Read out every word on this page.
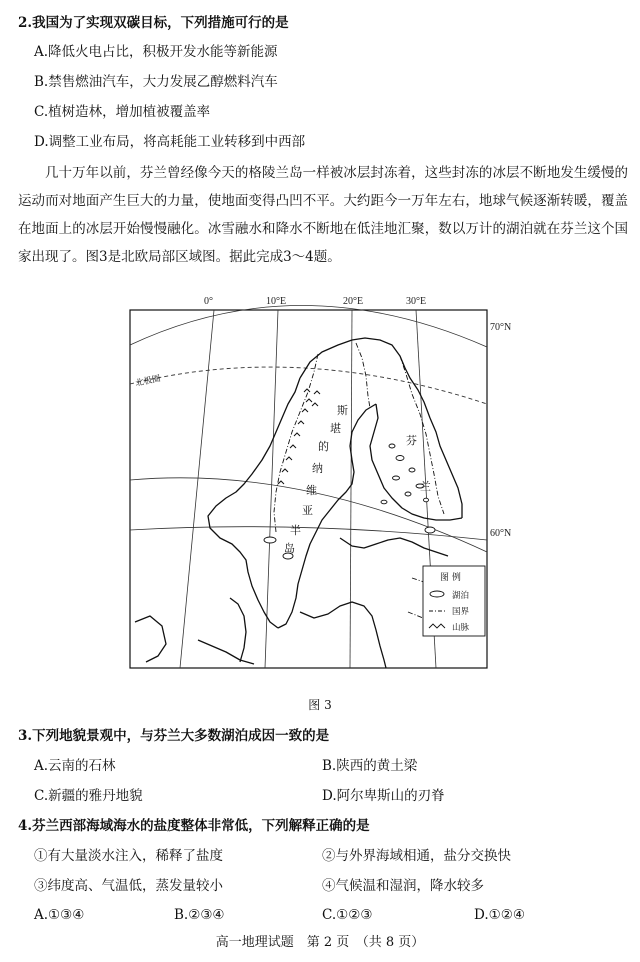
2.我国为了实现双碳目标，下列措施可行的是
A.降低火电占比，积极开发水能等新能源
B.禁售燃油汽车，大力发展乙醇燃料汽车
C.植树造林，增加植被覆盖率
D.调整工业布局，将高耗能工业转移到中西部
几十万年以前，芬兰曾经像今天的格陵兰岛一样被冰层封冻着，这些封冻的冰层不断地发生缓慢的运动而对地面产生巨大的力量，使地面变得凸凹不平。大约距今一万年左右，地球气候逐渐转暖，覆盖在地面上的冰层开始慢慢融化。冰雪融水和降水不断地在低洼地汇聚，数以万计的湖泊就在芬兰这个国家出现了。图3是北欧局部区域图。据此完成3～4题。
0°	10°E	20°E	30°E
70°N
60°N
北极圈
斯
堪
的
纳
维
亚
半
岛
芬
兰
图 例
湖泊
国界
山脉
图 3
3.下列地貌景观中，与芬兰大多数湖泊成因一致的是
A.云南的石林	B.陕西的黄土梁
C.新疆的雅丹地貌	D.阿尔卑斯山的刃脊
4.芬兰西部海域海水的盐度整体非常低，下列解释正确的是
①有大量淡水注入，稀释了盐度	②与外界海域相通，盐分交换快
③纬度高、气温低，蒸发量较小	④气候温和湿润，降水较多
A.①③④	B.②③④	C.①②③	D.①②④
高一地理试题　第 2 页　（共 8 页）
